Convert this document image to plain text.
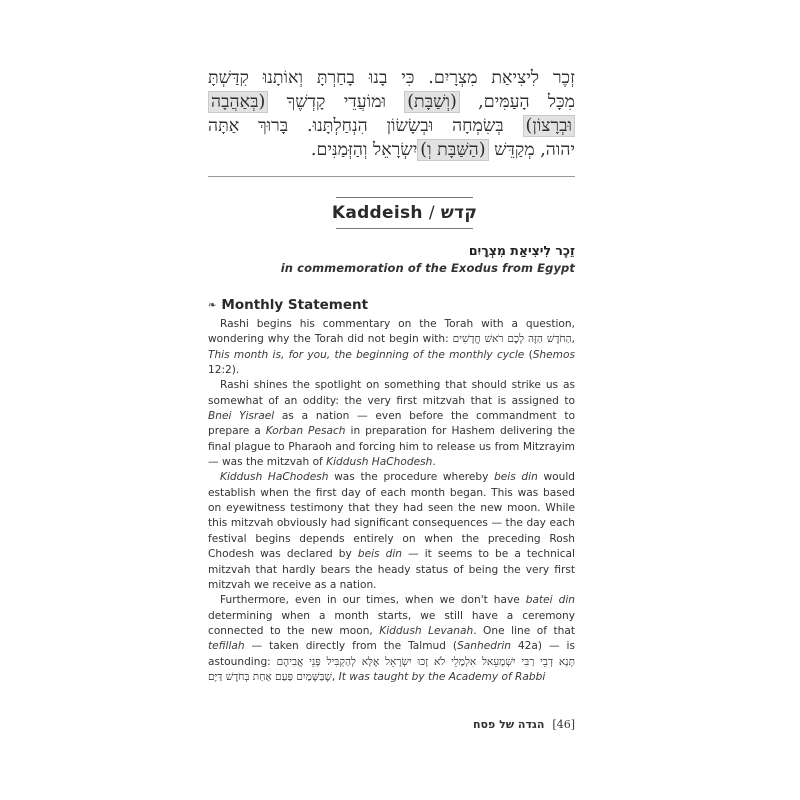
זְכֶר לִיצִיאַת מִצְרָיִם. כִּי בָנוּ בָחַרְתָּ וְאוֹתָנוּ קִדַּשְׁתָּ
מִכָּל הָעַמִּים, (וְשַׁבָּת) וּמוֹעֲדֵי קָדְשֶׁךָ (בְּאַהֲבָה
וּבְרָצוֹן) בְּשִׂמְחָה וּבְשָׂשׂוֹן הִנְחַלְתָּנוּ. בָּרוּךְ אַתָּה
יהוה, מְקַדֵּשׁ (הַשַּׁבָּת וְ)יִשְׂרָאֵל וְהַזְּמַנִּים.
Kaddeish / קדש
זֵכֶר לִיצִיאַת מִצְרָיִם
in commemoration of the Exodus from Egypt
❧ Monthly Statement

Rashi begins his commentary on the Torah with a question, wondering why the Torah did not begin with: הַחֹדֶשׁ הַזֶּה לָכֶם רֹאשׁ חֳדָשִׁים, This month is, for you, the beginning of the monthly cycle (Shemos 12:2).

Rashi shines the spotlight on something that should strike us as somewhat of an oddity: the very first mitzvah that is assigned to Bnei Yisrael as a nation — even before the commandment to prepare a Korban Pesach in preparation for Hashem delivering the final plague to Pharaoh and forcing him to release us from Mitzrayim — was the mitzvah of Kiddush HaChodesh.

Kiddush HaChodesh was the procedure whereby beis din would establish when the first day of each month began. This was based on eyewitness testimony that they had seen the new moon. While this mitzvah obviously had significant consequences — the day each festival begins depends entirely on when the preceding Rosh Chodesh was declared by beis din — it seems to be a technical mitzvah that hardly bears the heady status of being the very first mitzvah we receive as a nation.

Furthermore, even in our times, when we don't have batei din determining when a month starts, we still have a ceremony connected to the new moon, Kiddush Levanah. One line of that tefillah — taken directly from the Talmud (Sanhedrin 42a) — is astounding: תָּנָא דְבֵי רַבִּי יִשְׁמָעֵאל אִלְמָלֵי לֹא זָכוּ יִשְׂרָאֵל אֶלָּא לְהַקְבִּיל פְּנֵי אֲבִיהֶם שֶׁבַּשָּׁמַיִם פַּעַם אַחַת בְּחֹדֶשׁ דַּיָּם, It was taught by the Academy of Rabbi

הגדה של פסח [46]
